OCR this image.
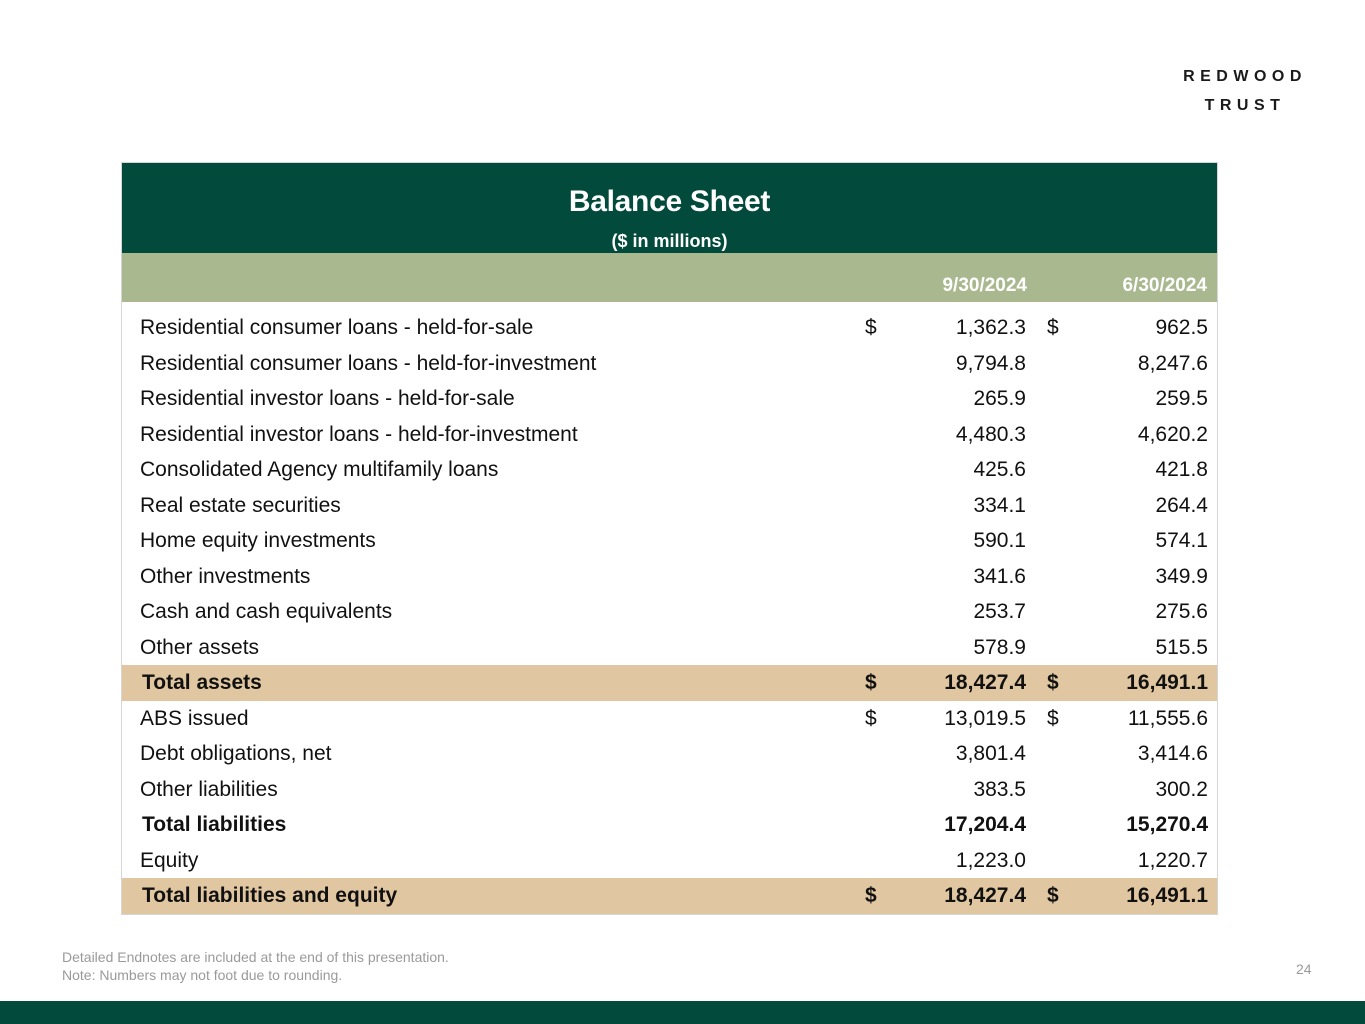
REDWOOD
TRUST
Balance Sheet
($ in millions)
9/30/2024	6/30/2024
Residential consumer loans - held-for-sale	$	1,362.3 $	962.5
Residential consumer loans - held-for-investment	9,794.8	8,247.6
Residential investor loans - held-for-sale	265.9	259.5
Residential investor loans - held-for-investment	4,480.3	4,620.2
Consolidated Agency multifamily loans	425.6	421.8
Real estate securities	334.1	264.4
Home equity investments	590.1	574.1
Other investments	341.6	349.9
Cash and cash equivalents	253.7	275.6
Other assets	578.9	515.5
Total assets	$	18,427.4 $	16,491.1
ABS issued	$	13,019.5 $	11,555.6
Debt obligations, net	3,801.4	3,414.6
Other liabilities	383.5	300.2
Total liabilities	17,204.4	15,270.4
Equity	1,223.0	1,220.7
Total liabilities and equity	$	18,427.4 $	16,491.1
Detailed Endnotes are included at the end of this presentation.
Note: Numbers may not foot due to rounding.	24
